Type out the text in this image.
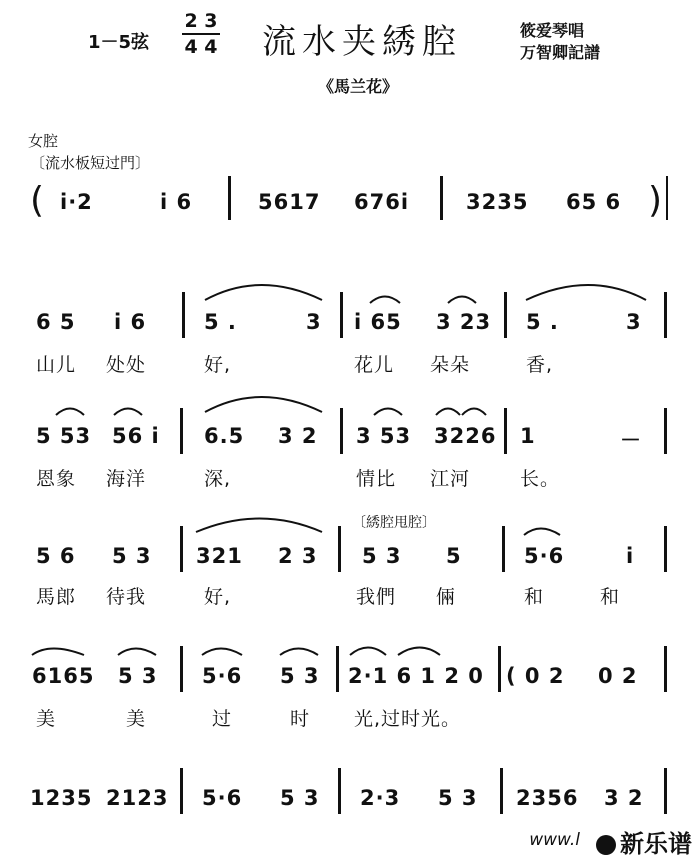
1－5弦
2 3
4 4 流水夹綉腔	筱爱琴唱
万智卿記譜
《馬兰花》
女腔
〔流水板短过門〕
( i·2	i 6	5617 676i	3235 65 6 )
6 5 i 6	5 .	3 i 65 3 23 5 .	3
山儿 处处	好,	花儿 朵朵	香,
5 53 56 i 6.5 3 2 3 53 3226 1	－
恩象 海洋	深,	情比 江河	长。
〔綉腔甩腔〕
5 6 5 3 321 2 3 5 3 5	5·6	i
馬郎 待我	好,	我們 倆	和	和
6165 5 3 5·6 5 3 2·1 6 1 2 0 ( 0 2 0 2
美	美	过	时 光,过时光。
1235 2123 5·6 5 3 2·3 5 3 2356 3 2
www.l	新乐谱
